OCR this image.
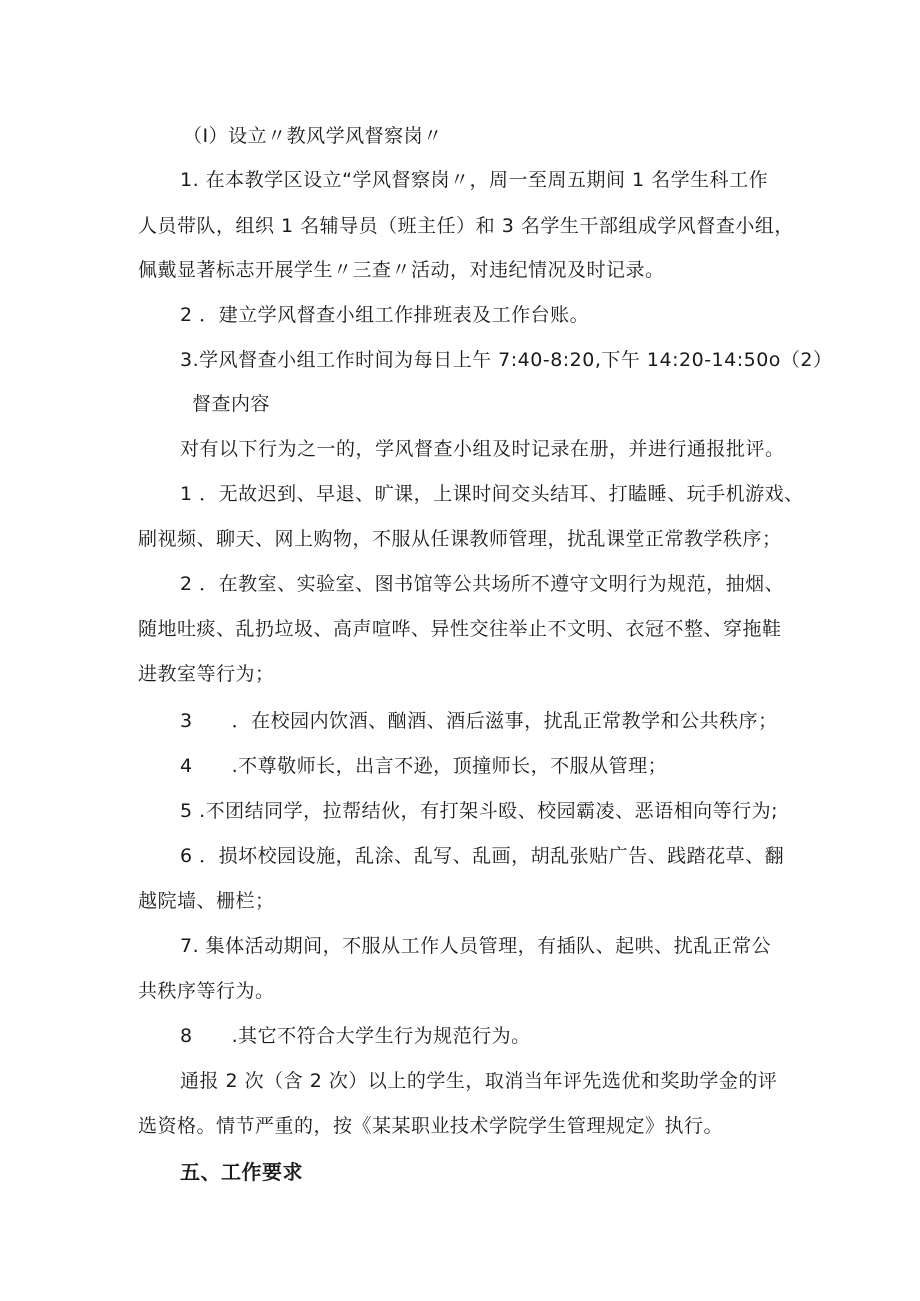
（I）设立〃教风学风督察岗〃
1. 在本教学区设立“学风督察岗〃，周一至周五期间 1 名学生科工作
人员带队，组织 1 名辅导员（班主任）和 3 名学生干部组成学风督查小组，
佩戴显著标志开展学生〃三查〃活动，对违纪情况及时记录。
2 ．建立学风督查小组工作排班表及工作台账。
3.学风督查小组工作时间为每日上午 7:40-8:20,下午 14:20-14:50o（2）
督查内容
对有以下行为之一的，学风督查小组及时记录在册，并进行通报批评。
1 ．无故迟到、早退、旷课，上课时间交头结耳、打瞌睡、玩手机游戏、
刷视频、聊天、网上购物，不服从任课教师管理，扰乱课堂正常教学秩序；
2 ．在教室、实验室、图书馆等公共场所不遵守文明行为规范，抽烟、
随地吐痰、乱扔垃圾、高声喧哗、异性交往举止不文明、衣冠不整、穿拖鞋
进教室等行为；
3　　．在校园内饮酒、酗酒、酒后滋事，扰乱正常教学和公共秩序；
4　　.不尊敬师长，出言不逊，顶撞师长，不服从管理；
5 .不团结同学，拉帮结伙，有打架斗殴、校园霸凌、恶语相向等行为;
6 ．损坏校园设施，乱涂、乱写、乱画，胡乱张贴广告、践踏花草、翻
越院墙、栅栏；
7. 集体活动期间，不服从工作人员管理，有插队、起哄、扰乱正常公
共秩序等行为。
8　　.其它不符合大学生行为规范行为。
通报 2 次（含 2 次）以上的学生，取消当年评先选优和奖助学金的评
选资格。情节严重的，按《某某职业技术学院学生管理规定》执行。
五、工作要求
